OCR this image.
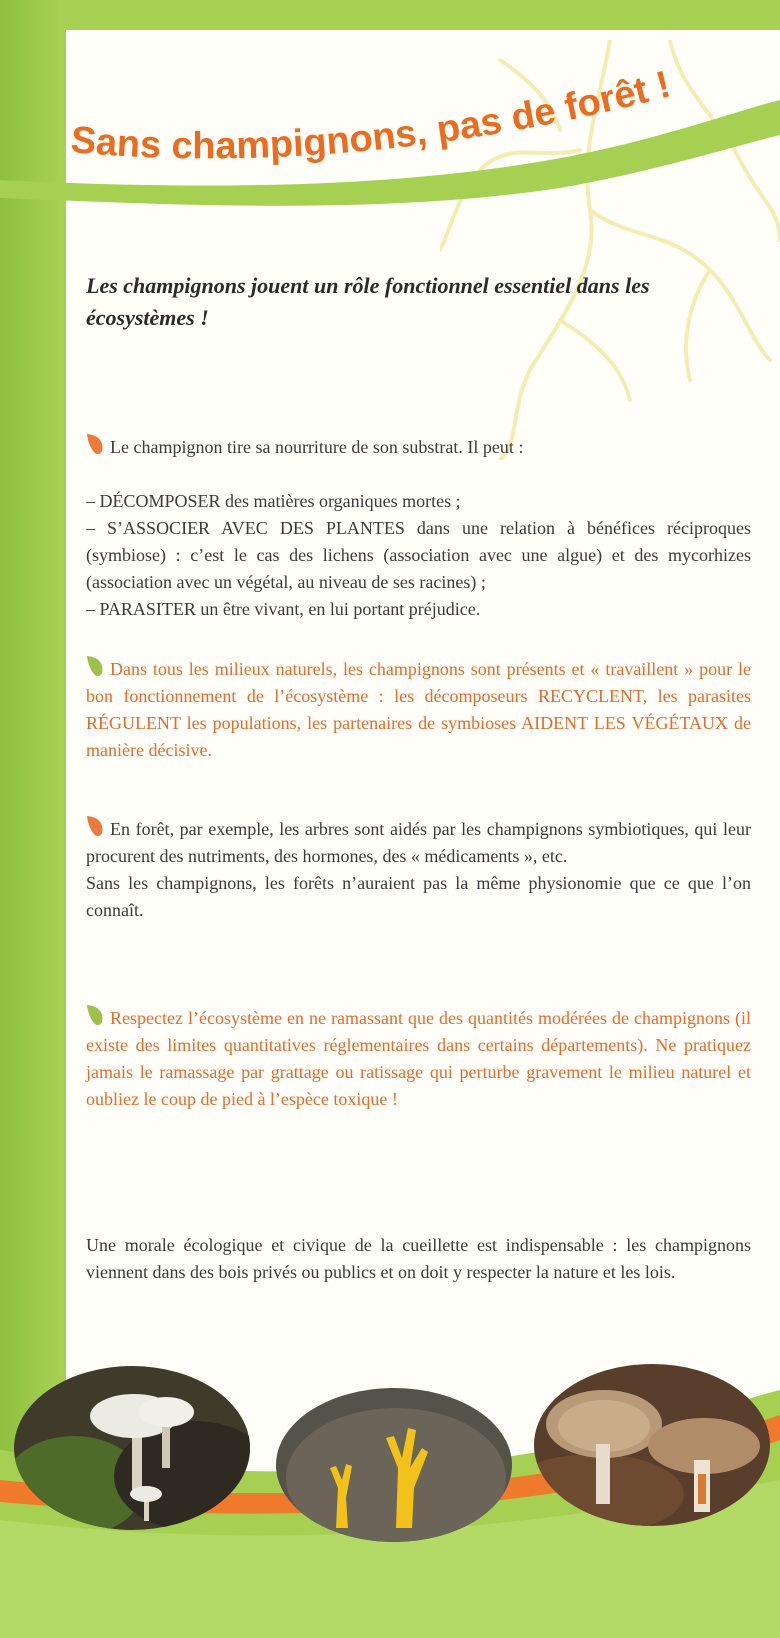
Sans champignons, pas de forêt !
Les champignons jouent un rôle fonctionnel essentiel dans les écosystèmes !
Le champignon tire sa nourriture de son substrat. Il peut :
– DÉCOMPOSER des matières organiques mortes ;
– S’ASSOCIER AVEC DES PLANTES dans une relation à bénéfices réciproques (symbiose) : c’est le cas des lichens (association avec une algue) et des mycorhizes (association avec un végétal, au niveau de ses racines) ;
– PARASITER un être vivant, en lui portant préjudice.
Dans tous les milieux naturels, les champignons sont présents et « travaillent » pour le bon fonctionnement de l’écosystème : les décomposeurs RECYCLENT, les parasites RÉGULENT les populations, les partenaires de symbioses AIDENT LES VÉGÉTAUX de manière décisive.
En forêt, par exemple, les arbres sont aidés par les champignons symbiotiques, qui leur procurent des nutriments, des hormones, des « médicaments », etc.
Sans les champignons, les forêts n’auraient pas la même physionomie que ce que l’on connaît.
Respectez l’écosystème en ne ramassant que des quantités modérées de champignons (il existe des limites quantitatives réglementaires dans certains départements). Ne pratiquez jamais le ramassage par grattage ou ratissage qui perturbe gravement le milieu naturel et oubliez le coup de pied à l’espèce toxique !
Une morale écologique et civique de la cueillette est indispensable : les champignons viennent dans des bois privés ou publics et on doit y respecter la nature et les lois.
